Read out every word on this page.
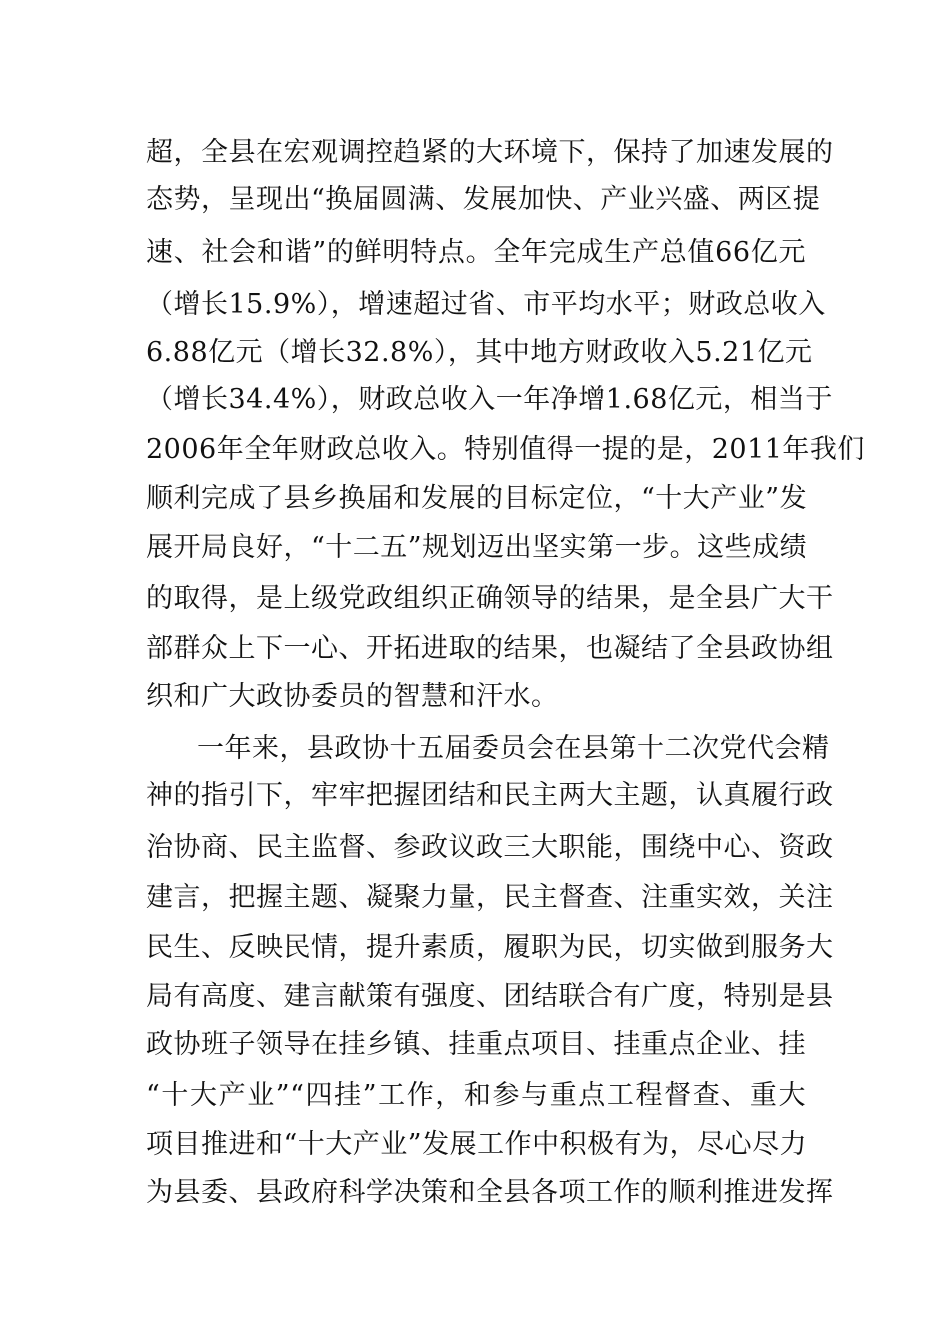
超，全县在宏观调控趋紧的大环境下，保持了加速发展的
态势，呈现出“换届圆满、发展加快、产业兴盛、两区提
速、社会和谐”的鲜明特点。全年完成生产总值66亿元
（增长15.9%），增速超过省、市平均水平；财政总收入
6.88亿元（增长32.8%），其中地方财政收入5.21亿元
（增长34.4%），财政总收入一年净增1.68亿元，相当于
2006年全年财政总收入。特别值得一提的是，2011年我们
顺利完成了县乡换届和发展的目标定位，“十大产业”发
展开局良好，“十二五”规划迈出坚实第一步。这些成绩
的取得，是上级党政组织正确领导的结果，是全县广大干
部群众上下一心、开拓进取的结果，也凝结了全县政协组
织和广大政协委员的智慧和汗水。
一年来，县政协十五届委员会在县第十二次党代会精
神的指引下，牢牢把握团结和民主两大主题，认真履行政
治协商、民主监督、参政议政三大职能，围绕中心、资政
建言，把握主题、凝聚力量，民主督查、注重实效，关注
民生、反映民情，提升素质，履职为民，切实做到服务大
局有高度、建言献策有强度、团结联合有广度，特别是县
政协班子领导在挂乡镇、挂重点项目、挂重点企业、挂
“十大产业”“四挂”工作，和参与重点工程督查、重大
项目推进和“十大产业”发展工作中积极有为，尽心尽力
为县委、县政府科学决策和全县各项工作的顺利推进发挥
